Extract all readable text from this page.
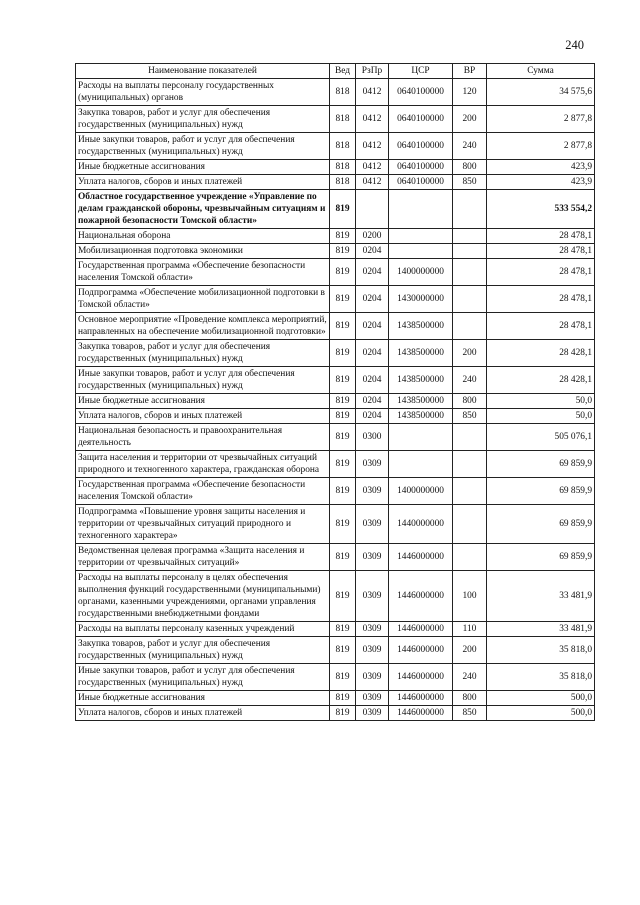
240
Наименование показателей	Вед	РзПр	ЦСР	ВР	Сумма
Расходы на выплаты персоналу государственных (муниципальных) органов	818	0412	0640100000	120	34 575,6
Закупка товаров, работ и услуг для обеспечения государственных (муниципальных) нужд	818	0412	0640100000	200	2 877,8
Иные закупки товаров, работ и услуг для обеспечения государственных (муниципальных) нужд	818	0412	0640100000	240	2 877,8
Иные бюджетные ассигнования	818	0412	0640100000	800	423,9
Уплата налогов, сборов и иных платежей	818	0412	0640100000	850	423,9
Областное государственное учреждение «Управление по делам гражданской обороны, чрезвычайным ситуациям и пожарной безопасности Томской области»	819				533 554,2
Национальная оборона	819	0200			28 478,1
Мобилизационная подготовка экономики	819	0204			28 478,1
Государственная программа «Обеспечение безопасности населения Томской области»	819	0204	1400000000		28 478,1
Подпрограмма «Обеспечение мобилизационной подготовки в Томской области»	819	0204	1430000000		28 478,1
Основное мероприятие «Проведение комплекса мероприятий, направленных на обеспечение мобилизационной подготовки»	819	0204	1438500000		28 478,1
Закупка товаров, работ и услуг для обеспечения государственных (муниципальных) нужд	819	0204	1438500000	200	28 428,1
Иные закупки товаров, работ и услуг для обеспечения государственных (муниципальных) нужд	819	0204	1438500000	240	28 428,1
Иные бюджетные ассигнования	819	0204	1438500000	800	50,0
Уплата налогов, сборов и иных платежей	819	0204	1438500000	850	50,0
Национальная безопасность и правоохранительная деятельность	819	0300			505 076,1
Защита населения и территории от чрезвычайных ситуаций природного и техногенного характера, гражданская оборона	819	0309			69 859,9
Государственная программа «Обеспечение безопасности населения Томской области»	819	0309	1400000000		69 859,9
Подпрограмма «Повышение уровня защиты населения и территории от чрезвычайных ситуаций природного и техногенного характера»	819	0309	1440000000		69 859,9
Ведомственная целевая программа «Защита населения и территории от чрезвычайных ситуаций»	819	0309	1446000000		69 859,9
Расходы на выплаты персоналу в целях обеспечения выполнения функций государственными (муниципальными) органами, казенными учреждениями, органами управления государственными внебюджетными фондами	819	0309	1446000000	100	33 481,9
Расходы на выплаты персоналу казенных учреждений	819	0309	1446000000	110	33 481,9
Закупка товаров, работ и услуг для обеспечения государственных (муниципальных) нужд	819	0309	1446000000	200	35 818,0
Иные закупки товаров, работ и услуг для обеспечения государственных (муниципальных) нужд	819	0309	1446000000	240	35 818,0
Иные бюджетные ассигнования	819	0309	1446000000	800	500,0
Уплата налогов, сборов и иных платежей	819	0309	1446000000	850	500,0
